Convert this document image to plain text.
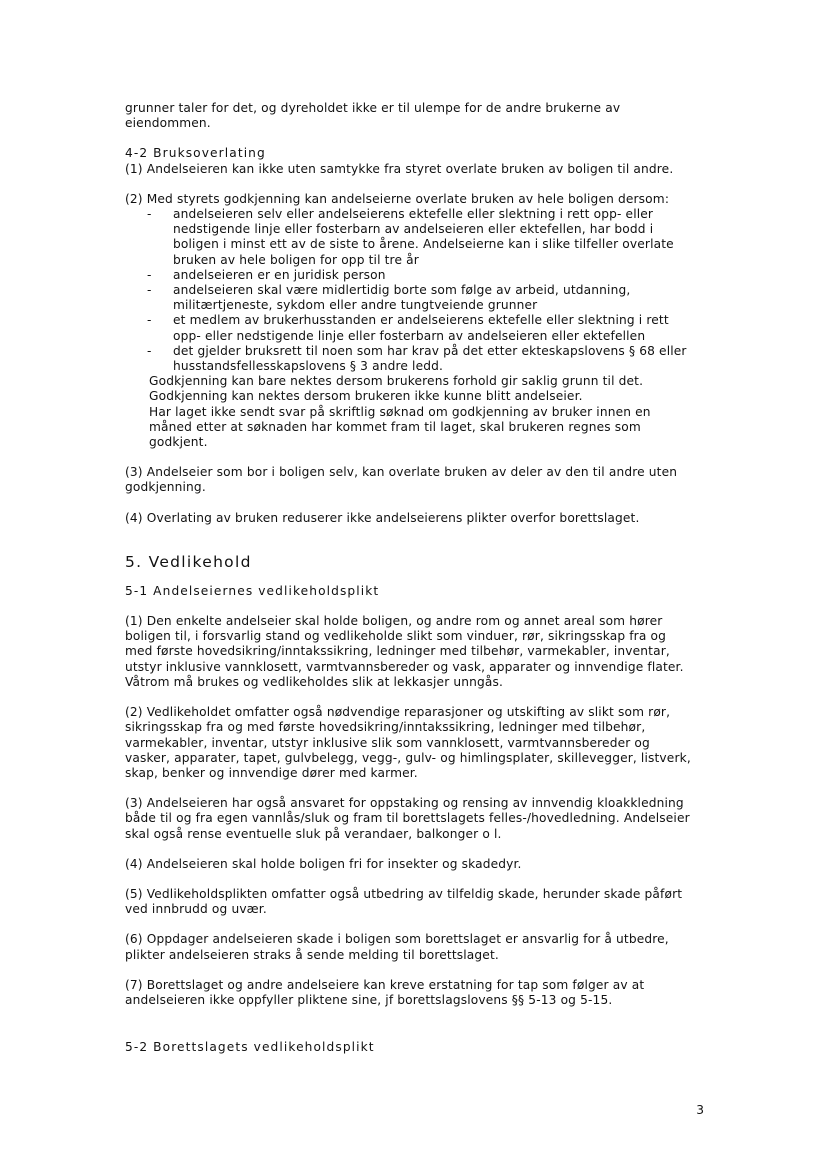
grunner taler for det, og dyreholdet ikke er til ulempe for de andre brukerne av
eiendommen.

4-2 Bruksoverlating

(1) Andelseieren kan ikke uten samtykke fra styret overlate bruken av boligen til andre.

(2) Med styrets godkjenning kan andelseierne overlate bruken av hele boligen dersom:

- andelseieren selv eller andelseierens ektefelle eller slektning i rett opp- eller
nedstigende linje eller fosterbarn av andelseieren eller ektefellen, har bodd i
boligen i minst ett av de siste to årene. Andelseierne kan i slike tilfeller overlate
bruken av hele boligen for opp til tre år
- andelseieren er en juridisk person
- andelseieren skal være midlertidig borte som følge av arbeid, utdanning,
militærtjeneste, sykdom eller andre tungtveiende grunner
- et medlem av brukerhusstanden er andelseierens ektefelle eller slektning i rett
opp- eller nedstigende linje eller fosterbarn av andelseieren eller ektefellen
- det gjelder bruksrett til noen som har krav på det etter ekteskapslovens § 68 eller
husstandsfellesskapslovens § 3 andre ledd.

Godkjenning kan bare nektes dersom brukerens forhold gir saklig grunn til det.
Godkjenning kan nektes dersom brukeren ikke kunne blitt andelseier.
Har laget ikke sendt svar på skriftlig søknad om godkjenning av bruker innen en
måned etter at søknaden har kommet fram til laget, skal brukeren regnes som
godkjent.

(3) Andelseier som bor i boligen selv, kan overlate bruken av deler av den til andre uten
godkjenning.

(4) Overlating av bruken reduserer ikke andelseierens plikter overfor borettslaget.

5. Vedlikehold

5-1 Andelseiernes vedlikeholdsplikt

(1) Den enkelte andelseier skal holde boligen, og andre rom og annet areal som hører
boligen til, i forsvarlig stand og vedlikeholde slikt som vinduer, rør, sikringsskap fra og
med første hovedsikring/inntakssikring, ledninger med tilbehør, varmekabler, inventar,
utstyr inklusive vannklosett, varmtvannsbereder og vask, apparater og innvendige flater.
Våtrom må brukes og vedlikeholdes slik at lekkasjer unngås.

(2) Vedlikeholdet omfatter også nødvendige reparasjoner og utskifting av slikt som rør,
sikringsskap fra og med første hovedsikring/inntakssikring, ledninger med tilbehør,
varmekabler, inventar, utstyr inklusive slik som vannklosett, varmtvannsbereder og
vasker, apparater, tapet, gulvbelegg, vegg-, gulv- og himlingsplater, skillevegger, listverk,
skap, benker og innvendige dører med karmer.

(3) Andelseieren har også ansvaret for oppstaking og rensing av innvendig kloakkledning
både til og fra egen vannlås/sluk og fram til borettslagets felles-/hovedledning. Andelseier
skal også rense eventuelle sluk på verandaer, balkonger o l.

(4) Andelseieren skal holde boligen fri for insekter og skadedyr.

(5) Vedlikeholdsplikten omfatter også utbedring av tilfeldig skade, herunder skade påført
ved innbrudd og uvær.

(6) Oppdager andelseieren skade i boligen som borettslaget er ansvarlig for å utbedre,
plikter andelseieren straks å sende melding til borettslaget.

(7) Borettslaget og andre andelseiere kan kreve erstatning for tap som følger av at
andelseieren ikke oppfyller pliktene sine, jf borettslagslovens §§ 5-13 og 5-15.

5-2 Borettslagets vedlikeholdsplikt

3
